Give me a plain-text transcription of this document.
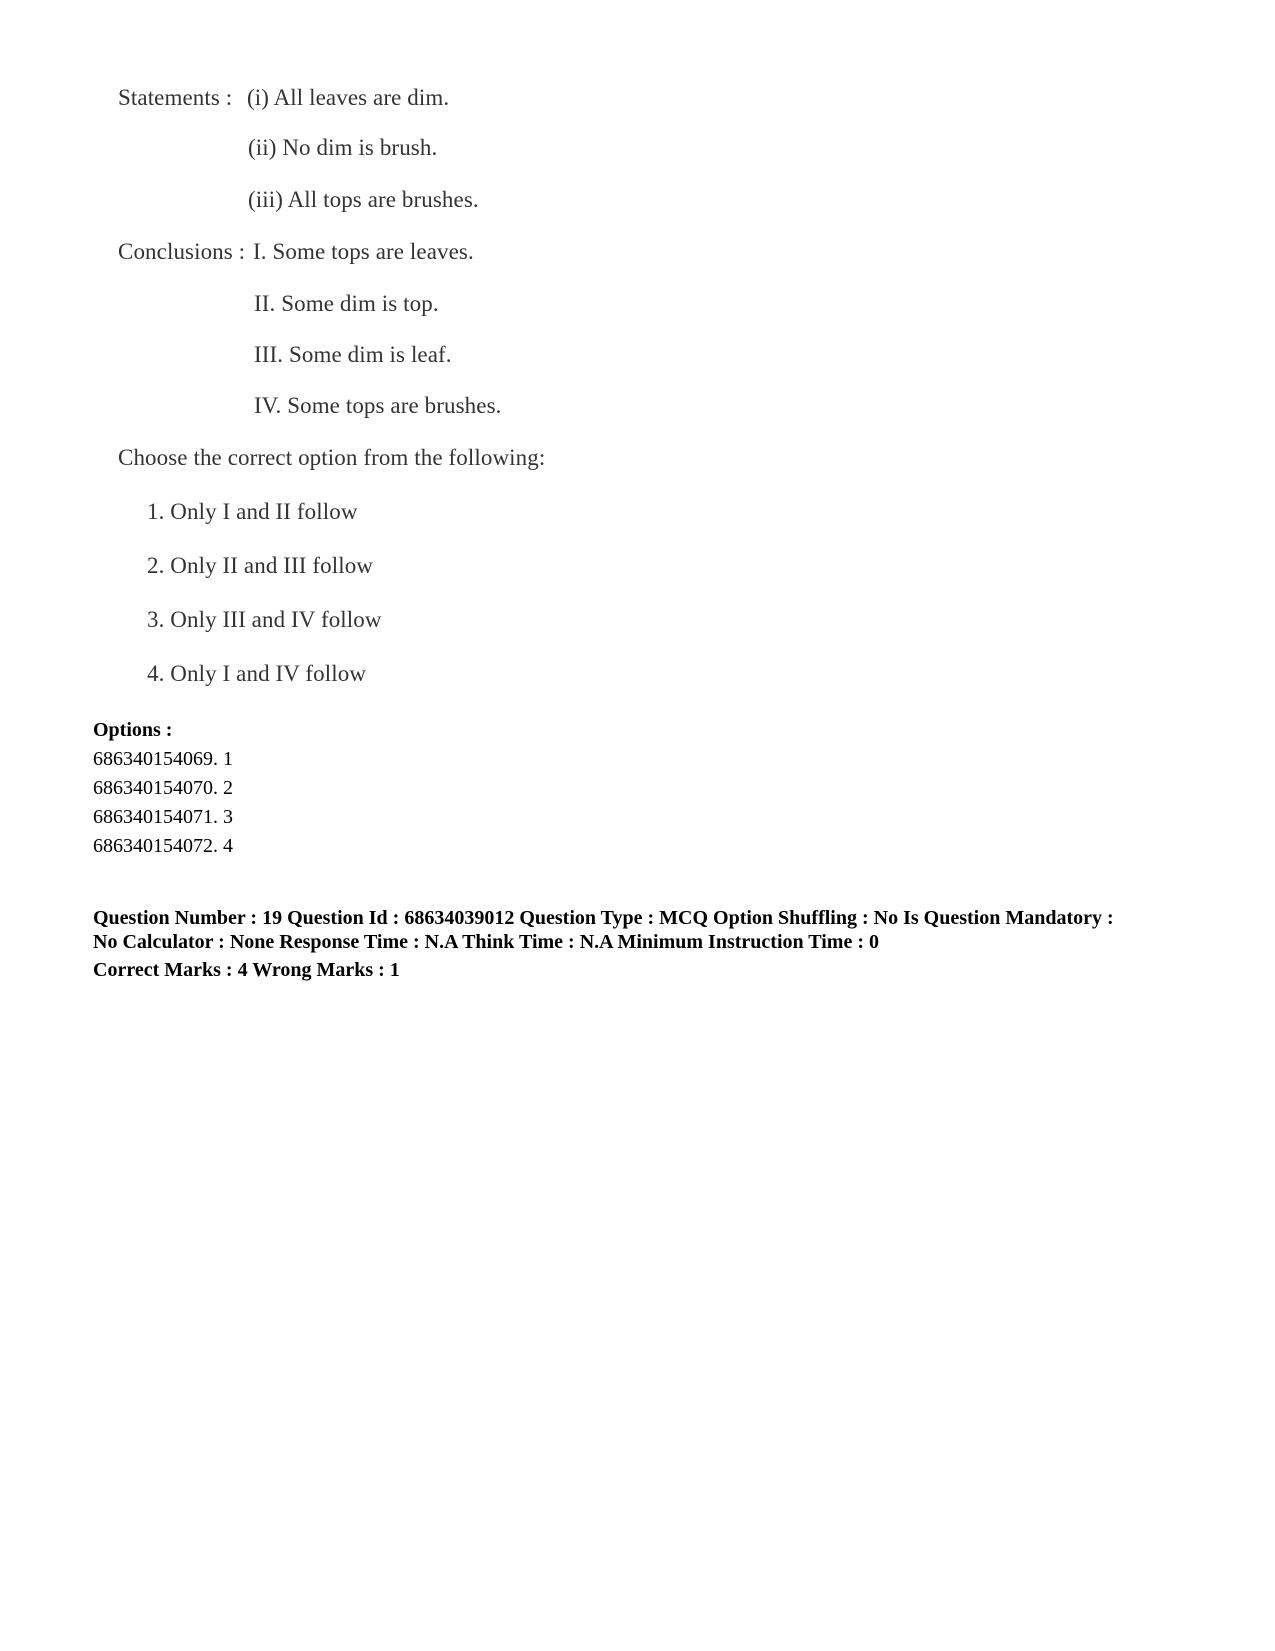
Statements : (i) All leaves are dim.
(ii) No dim is brush.
(iii) All tops are brushes.
Conclusions : I. Some tops are leaves.
II. Some dim is top.
III. Some dim is leaf.
IV. Some tops are brushes.
Choose the correct option from the following:
1. Only I and II follow
2. Only II and III follow
3. Only III and IV follow
4. Only I and IV follow
Options :
686340154069. 1
686340154070. 2
686340154071. 3
686340154072. 4
Question Number : 19 Question Id : 68634039012 Question Type : MCQ Option Shuffling : No Is Question Mandatory :
No Calculator : None Response Time : N.A Think Time : N.A Minimum Instruction Time : 0
Correct Marks : 4 Wrong Marks : 1
